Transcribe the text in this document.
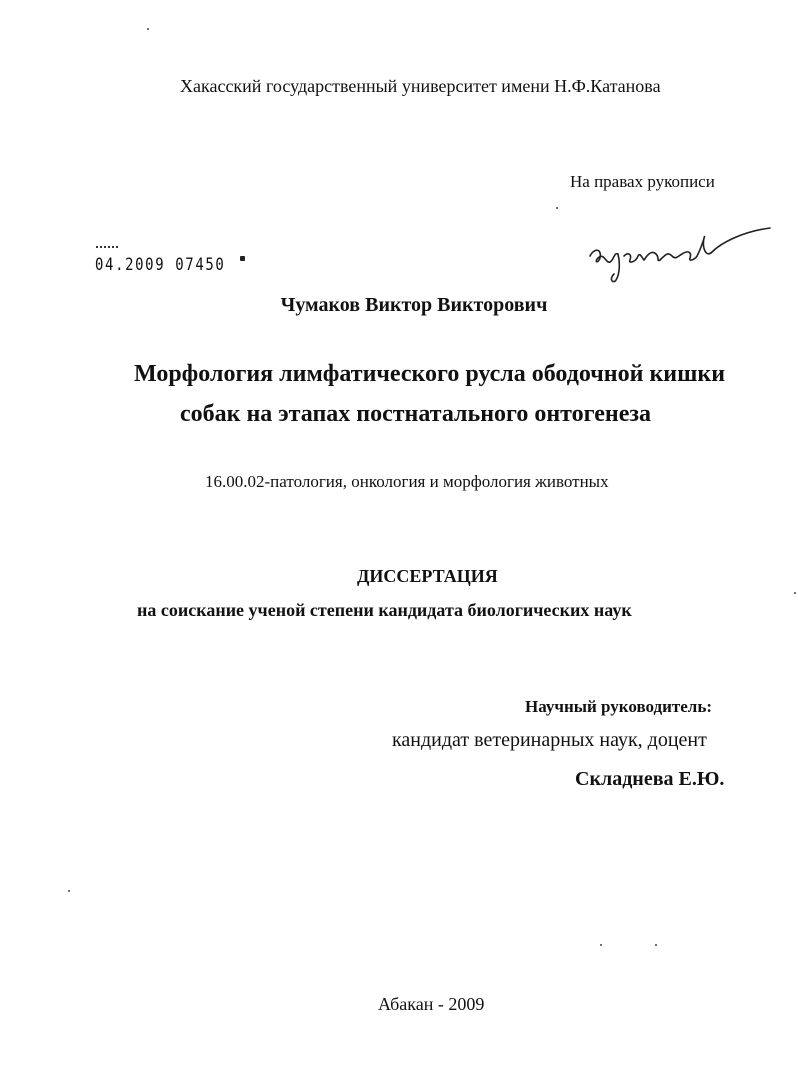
Хакасский государственный университет имени Н.Ф.Катанова
На правах рукописи
04.2009 07450
Чумаков Виктор Викторович
Морфология лимфатического русла ободочной кишки
собак на этапах постнатального онтогенеза
16.00.02-патология, онкология и морфология животных
ДИССЕРТАЦИЯ
на соискание ученой степени кандидата биологических наук
Научный руководитель:
кандидат ветеринарных наук, доцент
Складнева Е.Ю.
Абакан - 2009
